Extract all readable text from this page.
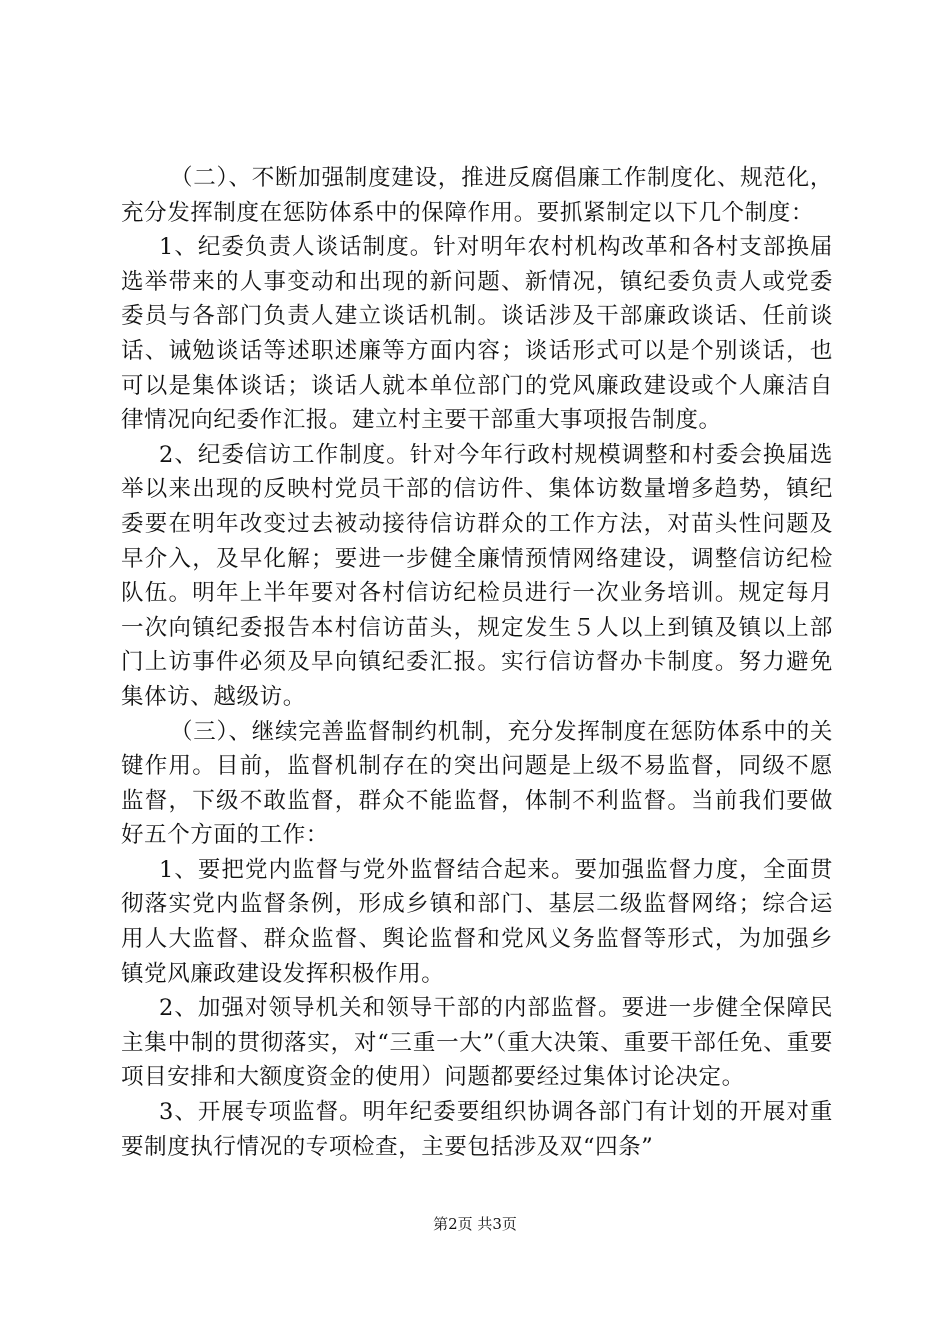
（二）、不断加强制度建设，推进反腐倡廉工作制度化、规范化，充分发挥制度在惩防体系中的保障作用。要抓紧制定以下几个制度：

1、纪委负责人谈话制度。针对明年农村机构改革和各村支部换届选举带来的人事变动和出现的新问题、新情况，镇纪委负责人或党委委员与各部门负责人建立谈话机制。谈话涉及干部廉政谈话、任前谈话、诫勉谈话等述职述廉等方面内容；谈话形式可以是个别谈话，也可以是集体谈话；谈话人就本单位部门的党风廉政建设或个人廉洁自律情况向纪委作汇报。建立村主要干部重大事项报告制度。

2、纪委信访工作制度。针对今年行政村规模调整和村委会换届选举以来出现的反映村党员干部的信访件、集体访数量增多趋势，镇纪委要在明年改变过去被动接待信访群众的工作方法，对苗头性问题及早介入，及早化解；要进一步健全廉情预情网络建设，调整信访纪检队伍。明年上半年要对各村信访纪检员进行一次业务培训。规定每月一次向镇纪委报告本村信访苗头，规定发生５人以上到镇及镇以上部门上访事件必须及早向镇纪委汇报。实行信访督办卡制度。努力避免集体访、越级访。

（三）、继续完善监督制约机制，充分发挥制度在惩防体系中的关键作用。目前，监督机制存在的突出问题是上级不易监督，同级不愿监督，下级不敢监督，群众不能监督，体制不利监督。当前我们要做好五个方面的工作：

1、要把党内监督与党外监督结合起来。要加强监督力度，全面贯彻落实党内监督条例，形成乡镇和部门、基层二级监督网络；综合运用人大监督、群众监督、舆论监督和党风义务监督等形式，为加强乡镇党风廉政建设发挥积极作用。

2、加强对领导机关和领导干部的内部监督。要进一步健全保障民主集中制的贯彻落实，对“三重一大”（重大决策、重要干部任免、重要项目安排和大额度资金的使用）问题都要经过集体讨论决定。

3、开展专项监督。明年纪委要组织协调各部门有计划的开展对重要制度执行情况的专项检查，主要包括涉及双“四条”

第2页 共3页
